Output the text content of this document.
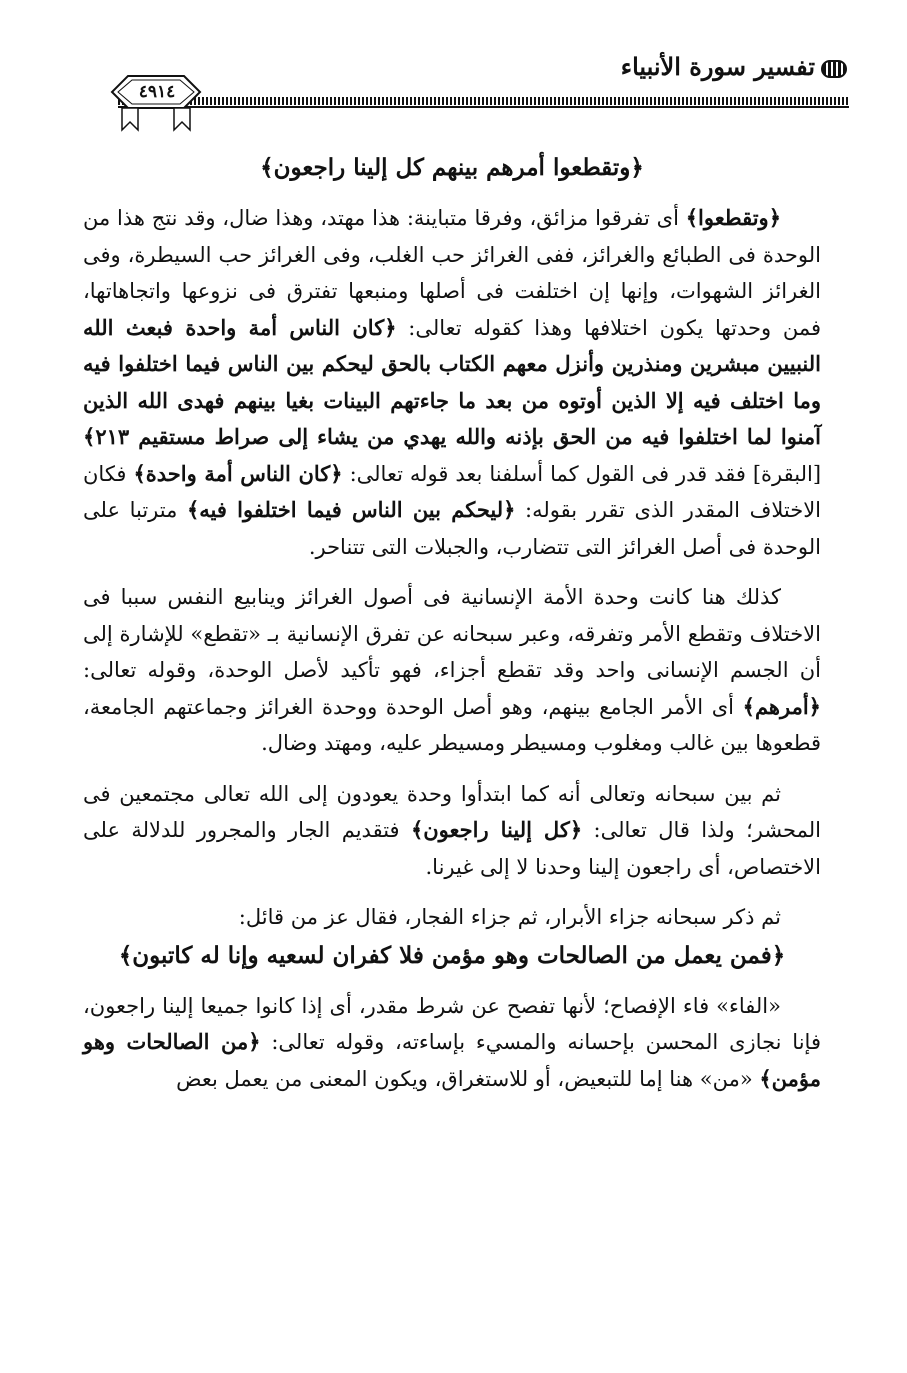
تفسير سورة الأنبياء
٤٩١٤
﴿وتقطعوا أمرهم بينهم كل إلينا راجعون﴾

﴿وتقطعوا﴾ أى تفرقوا مزائق، وفرقا متباينة: هذا مهتد، وهذا ضال، وقد نتج هذا من الوحدة فى الطبائع والغرائز، ففى الغرائز حب الغلب، وفى الغرائز حب السيطرة، وفى الغرائز الشهوات، وإنها إن اختلفت فى أصلها ومنبعها تفترق فى نزوعها واتجاهاتها، فمن وحدتها يكون اختلافها وهذا كقوله تعالى: ﴿كان الناس أمة واحدة فبعث الله النبيين مبشرين ومنذرين وأنزل معهم الكتاب بالحق ليحكم بين الناس فيما اختلفوا فيه وما اختلف فيه إلا الذين أوتوه من بعد ما جاءتهم البينات بغيا بينهم فهدى الله الذين آمنوا لما اختلفوا فيه من الحق بإذنه والله يهدي من يشاء إلى صراط مستقيم ٢١٣﴾ [البقرة] فقد قدر فى القول كما أسلفنا بعد قوله تعالى: ﴿كان الناس أمة واحدة﴾ فكان الاختلاف المقدر الذى تقرر بقوله: ﴿ليحكم بين الناس فيما اختلفوا فيه﴾ مترتبا على الوحدة فى أصل الغرائز التى تتضارب، والجبلات التى تتناحر.

كذلك هنا كانت وحدة الأمة الإنسانية فى أصول الغرائز وينابيع النفس سببا فى الاختلاف وتقطع الأمر وتفرقه، وعبر سبحانه عن تفرق الإنسانية بـ «تقطع» للإشارة إلى أن الجسم الإنسانى واحد وقد تقطع أجزاء، فهو تأكيد لأصل الوحدة، وقوله تعالى: ﴿أمرهم﴾ أى الأمر الجامع بينهم، وهو أصل الوحدة ووحدة الغرائز وجماعتهم الجامعة، قطعوها بين غالب ومغلوب ومسيطر ومسيطر عليه، ومهتد وضال.

ثم بين سبحانه وتعالى أنه كما ابتدأوا وحدة يعودون إلى الله تعالى مجتمعين فى المحشر؛ ولذا قال تعالى: ﴿كل إلينا راجعون﴾ فتقديم الجار والمجرور للدلالة على الاختصاص، أى راجعون إلينا وحدنا لا إلى غيرنا.

ثم ذكر سبحانه جزاء الأبرار، ثم جزاء الفجار، فقال عز من قائل:

﴿فمن يعمل من الصالحات وهو مؤمن فلا كفران لسعيه وإنا له كاتبون﴾

«الفاء» فاء الإفصاح؛ لأنها تفصح عن شرط مقدر، أى إذا كانوا جميعا إلينا راجعون، فإنا نجازى المحسن بإحسانه والمسيء بإساءته، وقوله تعالى: ﴿من الصالحات وهو مؤمن﴾ «من» هنا إما للتبعيض، أو للاستغراق، ويكون المعنى من يعمل بعض
